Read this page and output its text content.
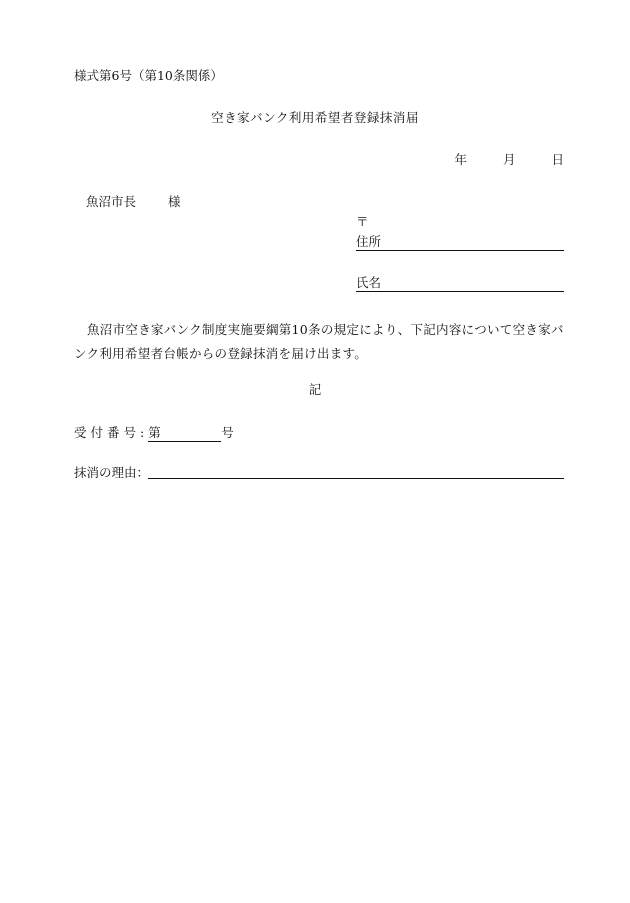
様式第6号（第10条関係）
空き家バンク利用希望者登録抹消届
年	月	日
魚沼市長	様
〒
住所
氏名
魚沼市空き家バンク制度実施要綱第10条の規定により、下記内容について空き家バンク利用希望者台帳からの登録抹消を届け出ます。
記
受付番号: 第	号
抹消の理由：
